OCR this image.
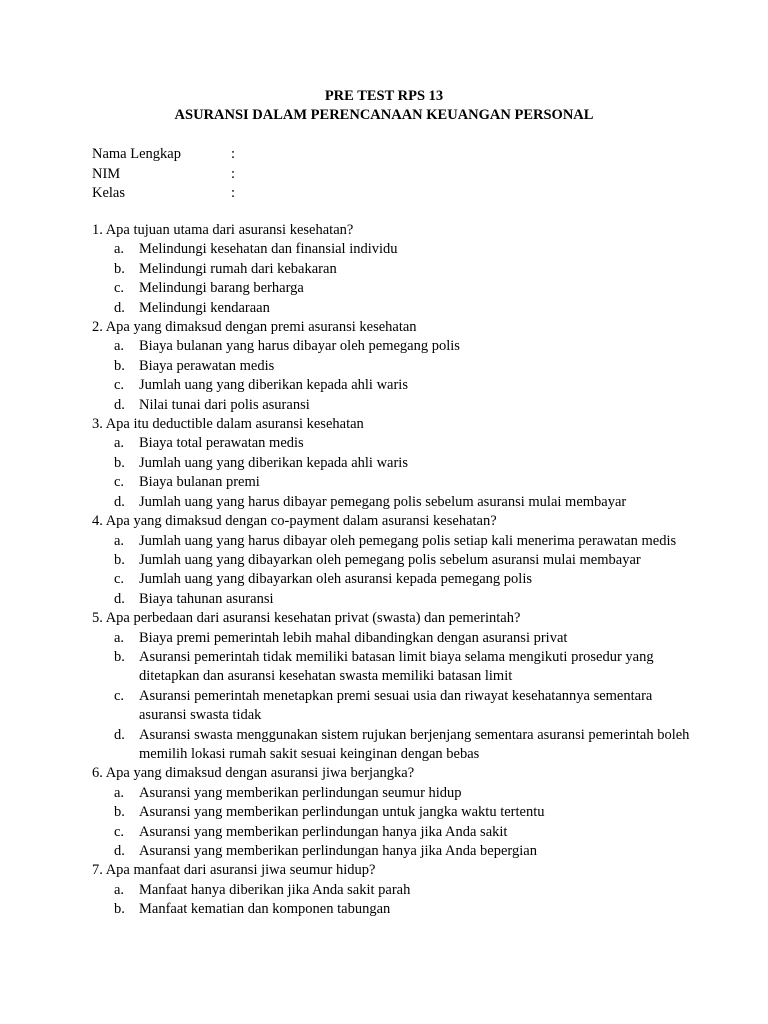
PRE TEST RPS 13
ASURANSI DALAM PERENCANAAN KEUANGAN PERSONAL
Nama Lengkap	:
NIM	:
Kelas	:
1. Apa tujuan utama dari asuransi kesehatan?
a. Melindungi kesehatan dan finansial individu
b. Melindungi rumah dari kebakaran
c. Melindungi barang berharga
d. Melindungi kendaraan
2. Apa yang dimaksud dengan premi asuransi kesehatan
a. Biaya bulanan yang harus dibayar oleh pemegang polis
b. Biaya perawatan medis
c. Jumlah uang yang diberikan kepada ahli waris
d. Nilai tunai dari polis asuransi
3. Apa itu deductible dalam asuransi kesehatan
a. Biaya total perawatan medis
b. Jumlah uang yang diberikan kepada ahli waris
c. Biaya bulanan premi
d. Jumlah uang yang harus dibayar pemegang polis sebelum asuransi mulai membayar
4. Apa yang dimaksud dengan co-payment dalam asuransi kesehatan?
a. Jumlah uang yang harus dibayar oleh pemegang polis setiap kali menerima perawatan medis
b. Jumlah uang yang dibayarkan oleh pemegang polis sebelum asuransi mulai membayar
c. Jumlah uang yang dibayarkan oleh asuransi kepada pemegang polis
d. Biaya tahunan asuransi
5. Apa perbedaan dari asuransi kesehatan privat (swasta) dan pemerintah?
a. Biaya premi pemerintah lebih mahal dibandingkan dengan asuransi privat
b. Asuransi pemerintah tidak memiliki batasan limit biaya selama mengikuti prosedur yang ditetapkan dan asuransi kesehatan swasta memiliki batasan limit
c. Asuransi pemerintah menetapkan premi sesuai usia dan riwayat kesehatannya sementara asuransi swasta tidak
d. Asuransi swasta menggunakan sistem rujukan berjenjang sementara asuransi pemerintah boleh memilih lokasi rumah sakit sesuai keinginan dengan bebas
6. Apa yang dimaksud dengan asuransi jiwa berjangka?
a. Asuransi yang memberikan perlindungan seumur hidup
b. Asuransi yang memberikan perlindungan untuk jangka waktu tertentu
c. Asuransi yang memberikan perlindungan hanya jika Anda sakit
d. Asuransi yang memberikan perlindungan hanya jika Anda bepergian
7. Apa manfaat dari asuransi jiwa seumur hidup?
a. Manfaat hanya diberikan jika Anda sakit parah
b. Manfaat kematian dan komponen tabungan
